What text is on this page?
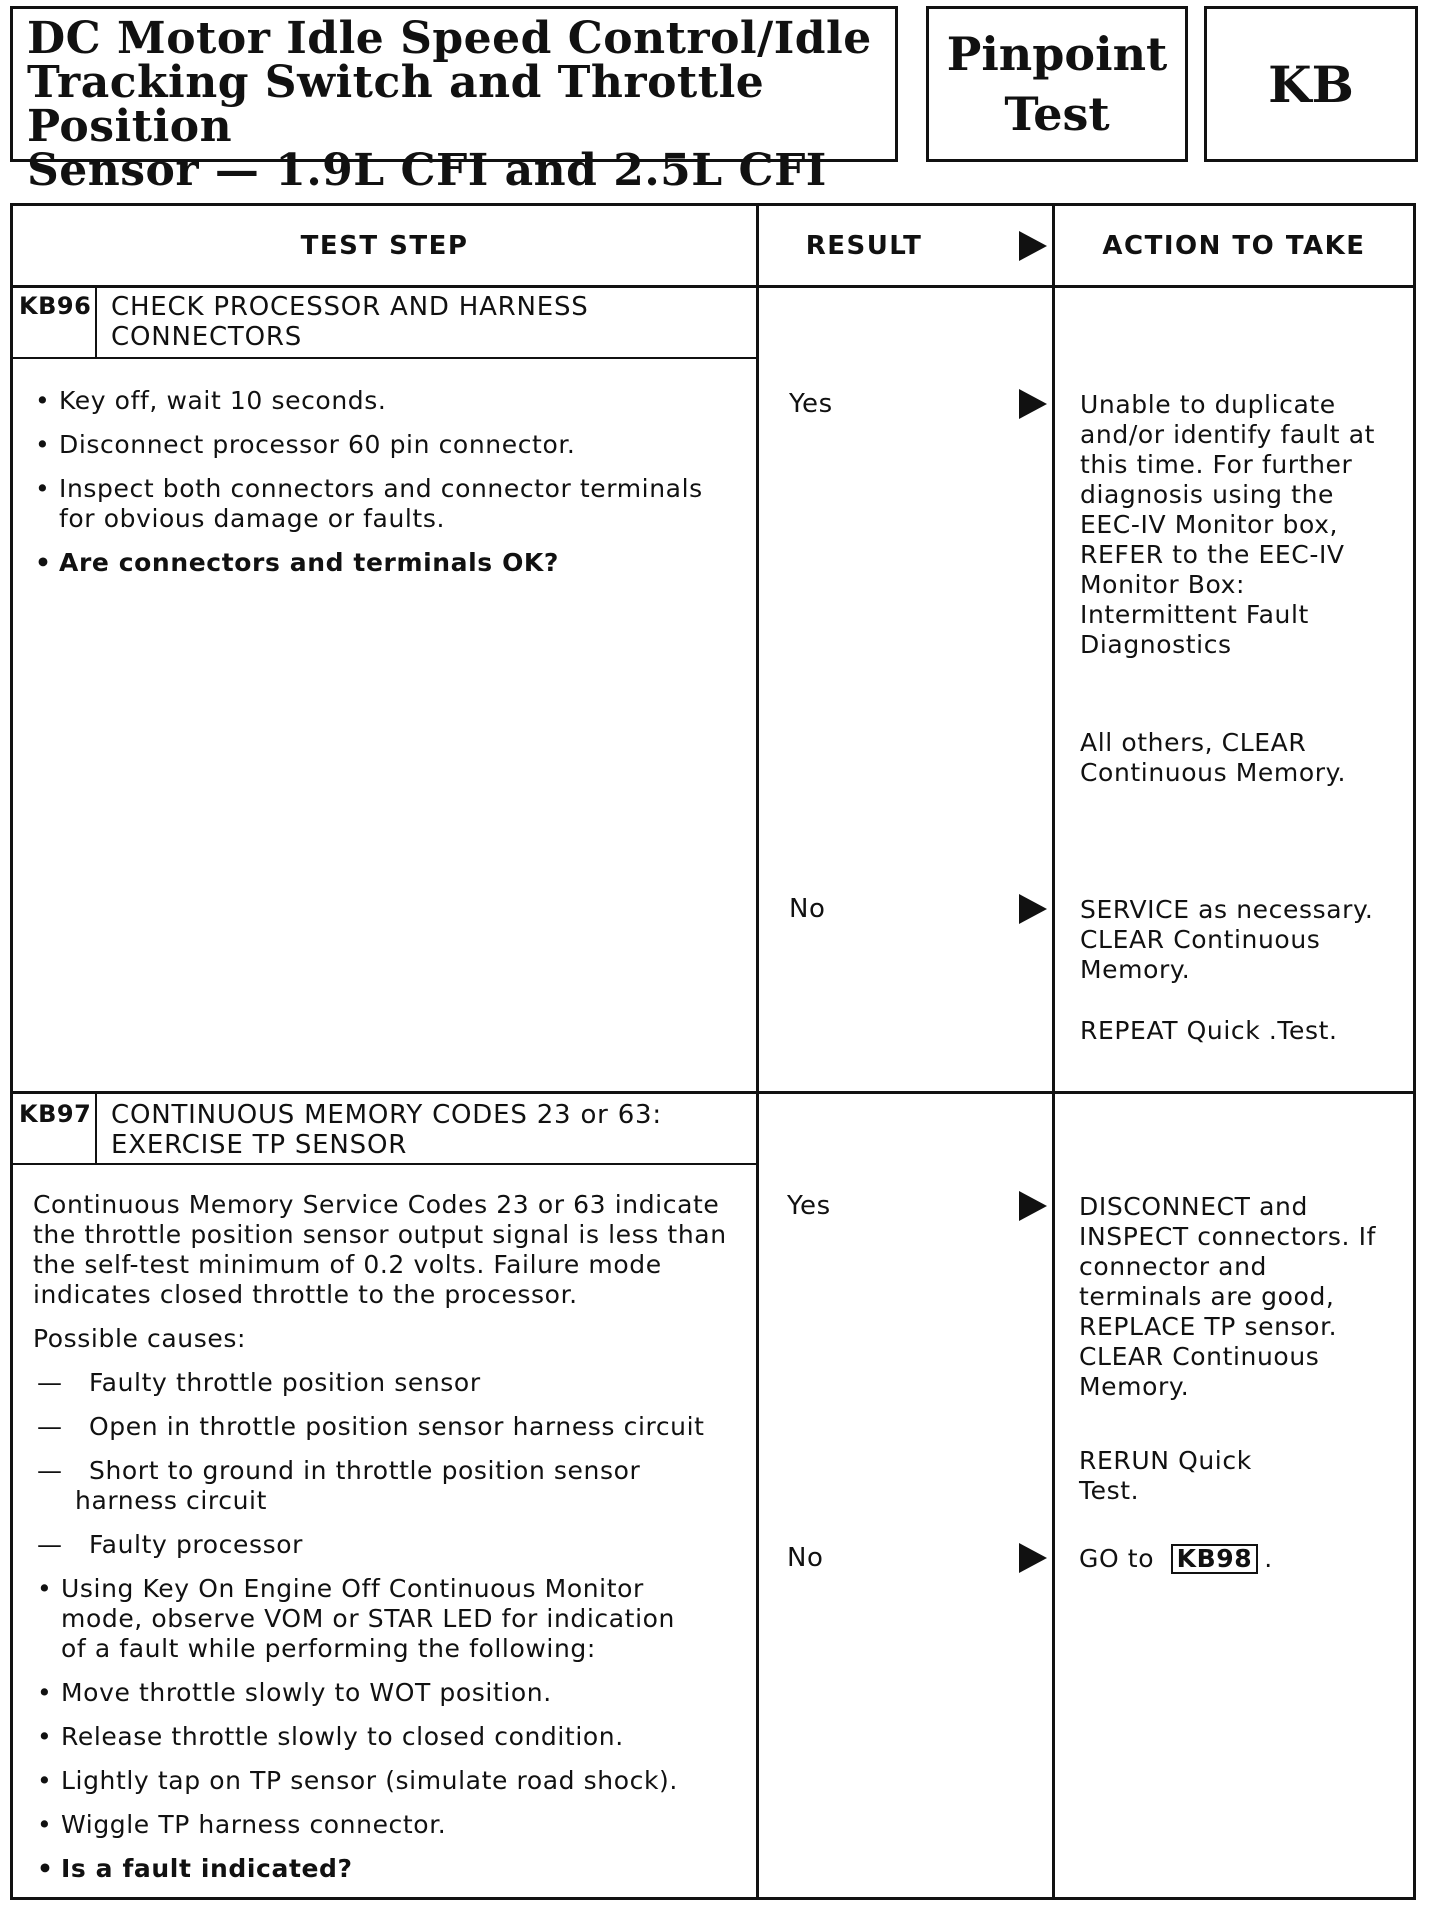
DC Motor Idle Speed Control/Idle
Tracking Switch and Throttle Position
Sensor — 1.9L CFI and 2.5L CFI
Pinpoint
Test
KB
TEST STEP	RESULT	ACTION TO TAKE
KB96 CHECK PROCESSOR AND HARNESS
CONNECTORS
• Key off, wait 10 seconds.
• Disconnect processor 60 pin connector.
• Inspect both connectors and connector terminals
for obvious damage or faults.
• Are connectors and terminals OK?
Yes	Unable to duplicate
and/or identify fault at
this time. For further
diagnosis using the
EEC-IV Monitor box,
REFER to the EEC-IV
Monitor Box:
Intermittent Fault
Diagnostics
All others, CLEAR
Continuous Memory.
No	SERVICE as necessary.
CLEAR Continuous
Memory.
REPEAT Quick .Test.
KB97 CONTINUOUS MEMORY CODES 23 or 63:
EXERCISE TP SENSOR
Continuous Memory Service Codes 23 or 63 indicate
the throttle position sensor output signal is less than
the self-test minimum of 0.2 volts. Failure mode
indicates closed throttle to the processor.
Possible causes:
— Faulty throttle position sensor
— Open in throttle position sensor harness circuit
— Short to ground in throttle position sensor
harness circuit
— Faulty processor
• Using Key On Engine Off Continuous Monitor
mode, observe VOM or STAR LED for indication
of a fault while performing the following:
• Move throttle slowly to WOT position.
• Release throttle slowly to closed condition.
• Lightly tap on TP sensor (simulate road shock).
• Wiggle TP harness connector.
• Is a fault indicated?
Yes	DISCONNECT and
INSPECT connectors. If
connector and
terminals are good,
REPLACE TP sensor.
CLEAR Continuous
Memory.
RERUN Quick
Test.
No	GO to KB98 .
